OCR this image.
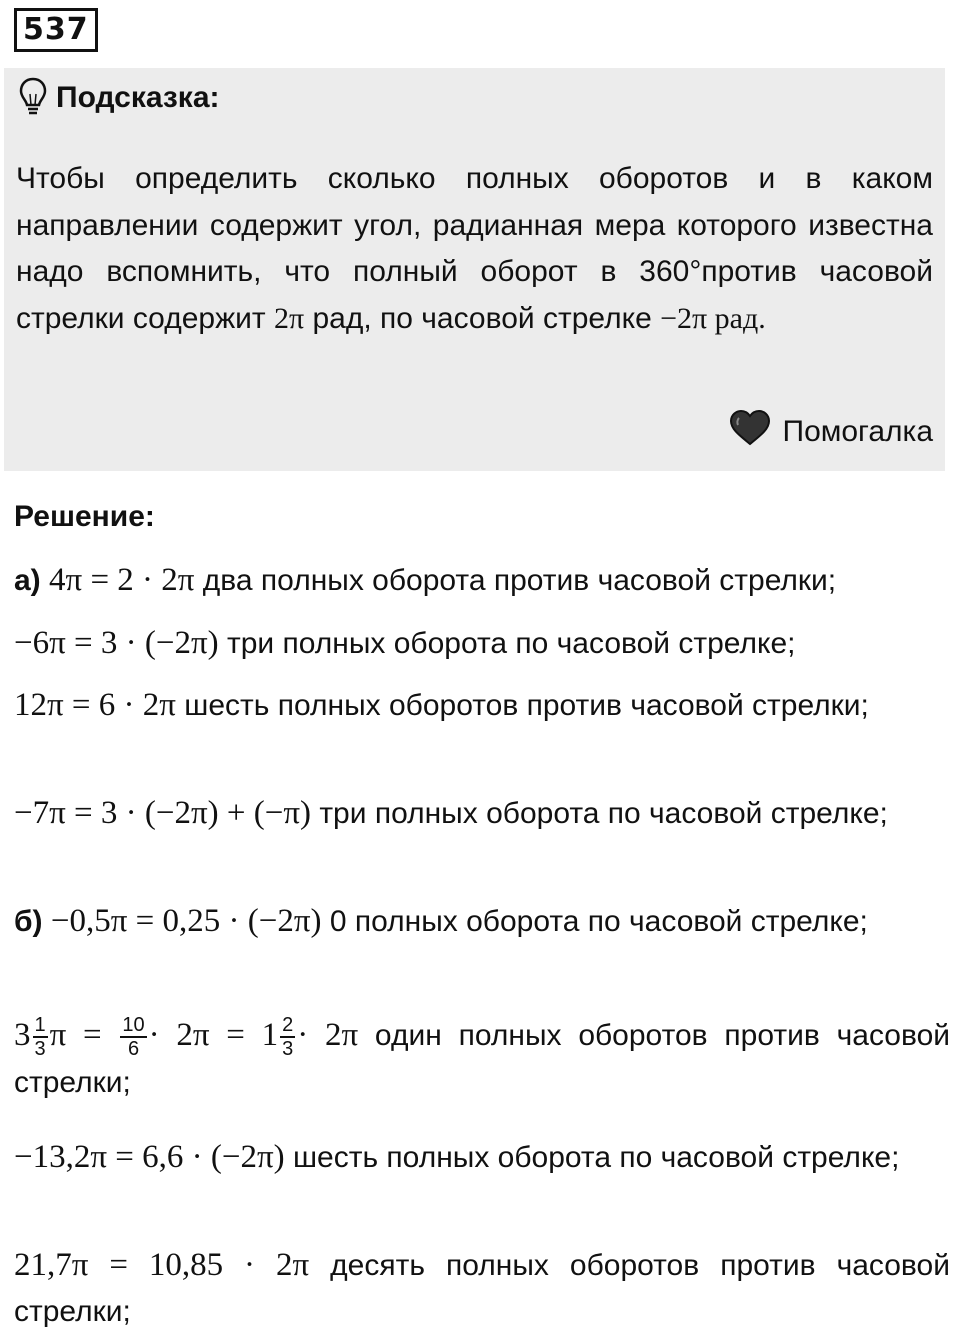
537
Подсказка:
Чтобы определить сколько полных оборотов и в каком направлении содержит угол, радианная мера которого известна надо вспомнить, что полный оборот в 360°против часовой стрелки содержит 2π рад, по часовой стрелке −2π рад.
Помогалка
Решение:
а) 4π = 2 · 2π два полных оборота против часовой стрелки;
−6π = 3 · (−2π) три полных оборота по часовой стрелке;
12π = 6 · 2π шесть полных оборотов против часовой стрелки;
−7π = 3 · (−2π) + (−π) три полных оборота по часовой стрелке;
б) −0,5π = 0,25 · (−2π) 0 полных оборота по часовой стрелке;
$3 \frac{1}{3}$ $\pi = \frac{10}{6} \cdot 2\pi = 1 \frac{2}{3} \cdot 2\pi$ один полных оборотов против часовой стрелки;
−13,2π = 6,6 · (−2π) шесть полных оборота по часовой стрелке;
21,7π = 10,85 · 2π десять полных оборотов против часовой стрелки;
